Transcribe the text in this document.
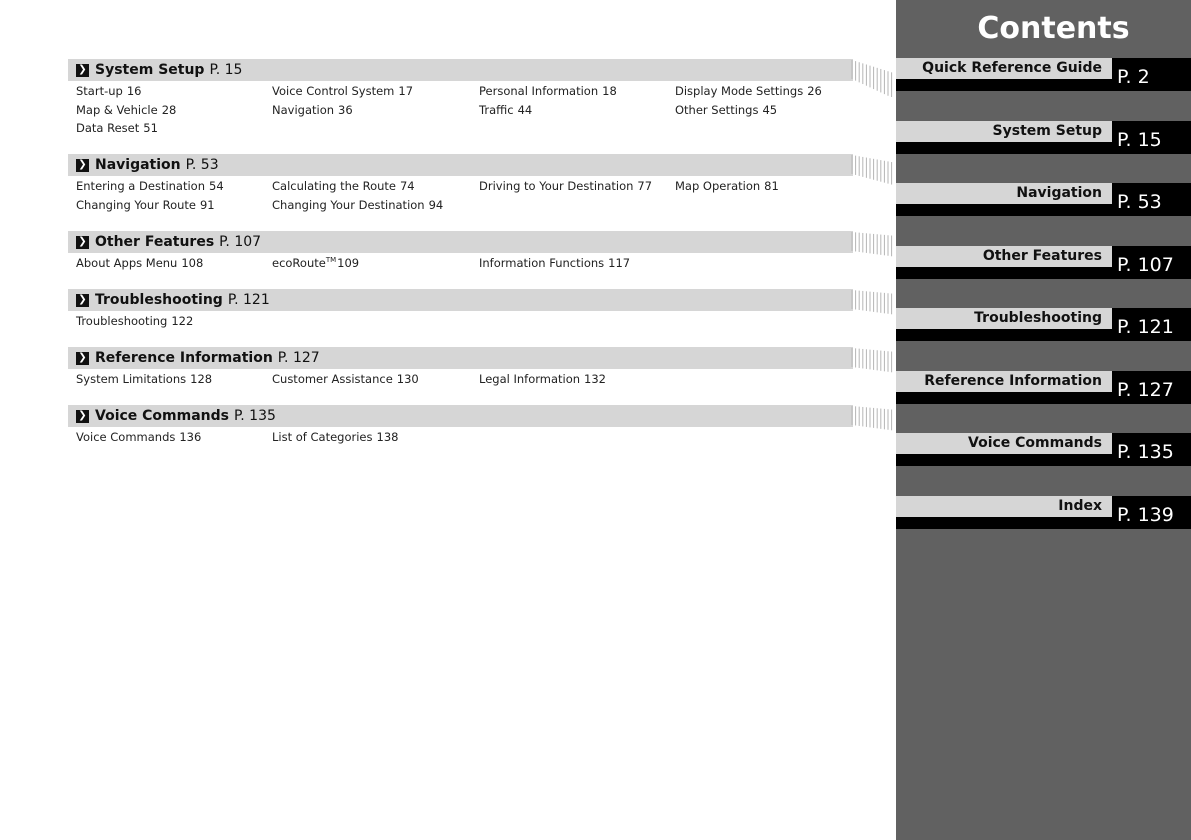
❯ System Setup P. 15
Start-up 16	Voice Control System 17	Personal Information 18	Display Mode Settings 26
Map & Vehicle 28	Navigation 36	Traffic 44	Other Settings 45
Data Reset 51
❯ Navigation P. 53
Entering a Destination 54	Calculating the Route 74	Driving to Your Destination 77	Map Operation 81
Changing Your Route 91	Changing Your Destination 94
❯ Other Features P. 107
About Apps Menu 108	ecoRoute™109	Information Functions 117
❯ Troubleshooting P. 121
Troubleshooting 122
❯ Reference Information P. 127
System Limitations 128	Customer Assistance 130	Legal Information 132
❯ Voice Commands P. 135
Voice Commands 136	List of Categories 138
Contents
Quick Reference Guide P. 2
System Setup P. 15
Navigation P. 53
Other Features P. 107
Troubleshooting P. 121
Reference Information P. 127
Voice Commands P. 135
Index P. 139
